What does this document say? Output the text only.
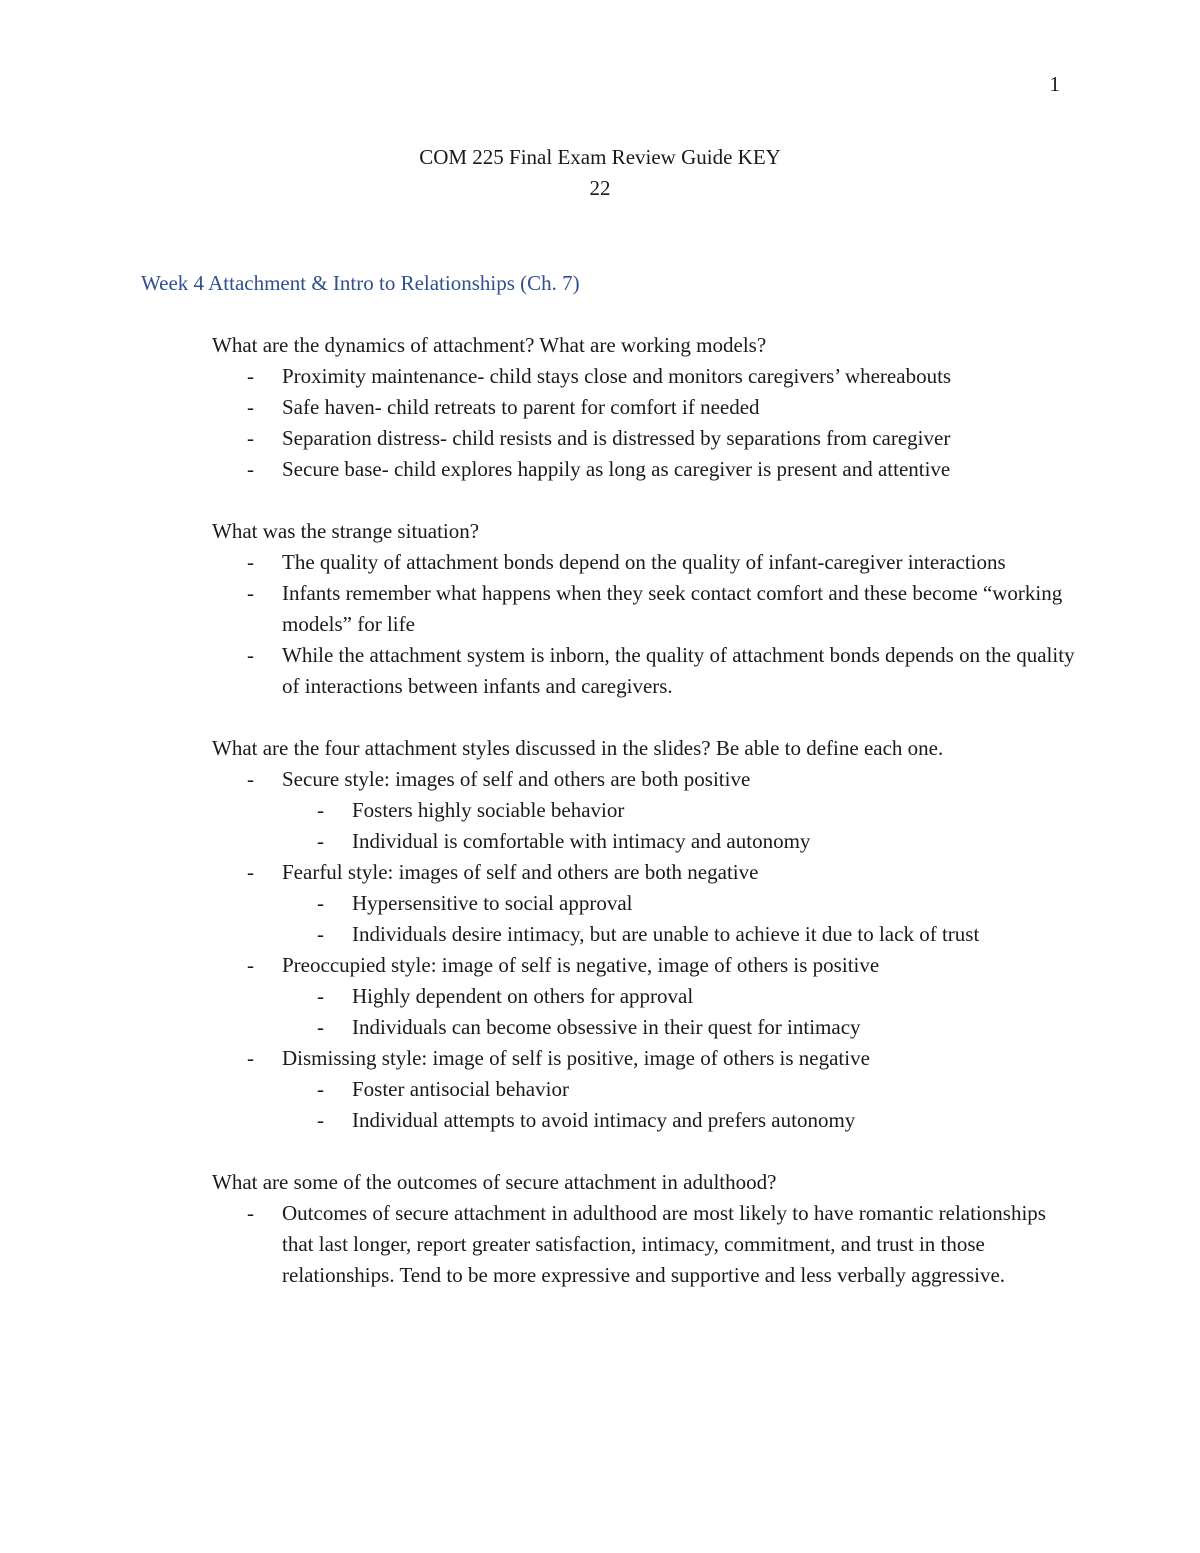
1
COM 225 Final Exam Review Guide KEY
22
Week 4 Attachment & Intro to Relationships (Ch. 7)
What are the dynamics of attachment? What are working models?
- Proximity maintenance- child stays close and monitors caregivers’ whereabouts
- Safe haven- child retreats to parent for comfort if needed
- Separation distress- child resists and is distressed by separations from caregiver
- Secure base- child explores happily as long as caregiver is present and attentive
What was the strange situation?
- The quality of attachment bonds depend on the quality of infant-caregiver interactions
- Infants remember what happens when they seek contact comfort and these become “working models” for life
- While the attachment system is inborn, the quality of attachment bonds depends on the quality of interactions between infants and caregivers.
What are the four attachment styles discussed in the slides? Be able to define each one.
- Secure style: images of self and others are both positive
- Fosters highly sociable behavior
- Individual is comfortable with intimacy and autonomy
- Fearful style: images of self and others are both negative
- Hypersensitive to social approval
- Individuals desire intimacy, but are unable to achieve it due to lack of trust
- Preoccupied style: image of self is negative, image of others is positive
- Highly dependent on others for approval
- Individuals can become obsessive in their quest for intimacy
- Dismissing style: image of self is positive, image of others is negative
- Foster antisocial behavior
- Individual attempts to avoid intimacy and prefers autonomy
What are some of the outcomes of secure attachment in adulthood?
- Outcomes of secure attachment in adulthood are most likely to have romantic relationships that last longer, report greater satisfaction, intimacy, commitment, and trust in those relationships. Tend to be more expressive and supportive and less verbally aggressive.
